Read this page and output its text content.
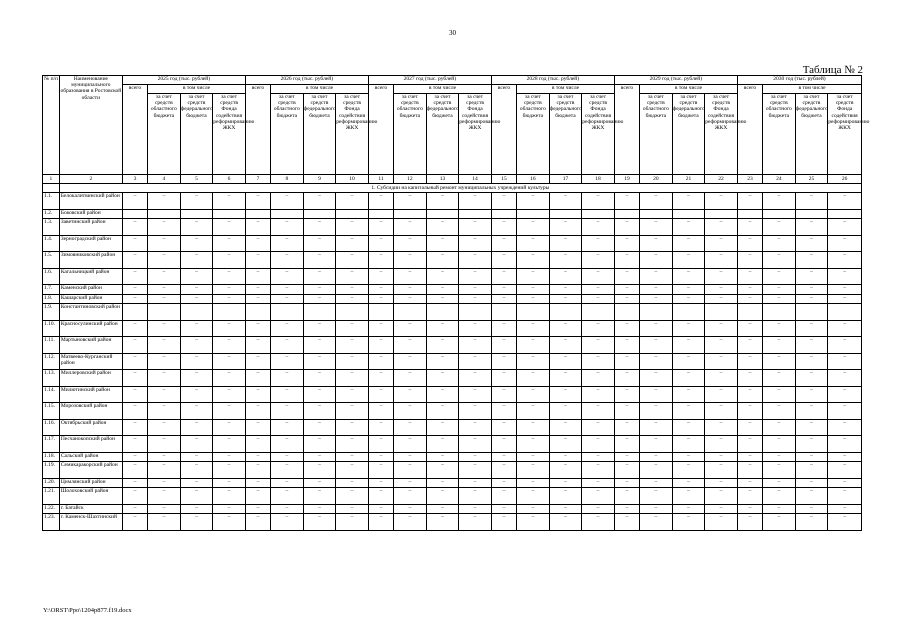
30
Таблица № 2
№ п/п	Наименование муниципального образования в Ростовской области	2025 год (тыс. рублей)				2026 год (тыс. рублей)				2027 год (тыс. рублей)				2028 год (тыс. рублей)				2029 год (тыс. рублей)				2030 год (тыс. рублей)			
		всего	в том числе			всего	в том числе			всего	в том числе			всего	в том числе			всего	в том числе			всего	в том числе		
			за счет средств областного бюджета	за счет средств федерального бюджета	за счет средств Фонда содействия реформированию ЖКХ		за счет средств областного бюджета	за счет средств федерального бюджета	за счет средств Фонда содействия реформированию ЖКХ		за счет средств областного бюджета	за счет средств федерального бюджета	за счет средств Фонда содействия реформированию ЖКХ		за счет средств областного бюджета	за счет средств федерального бюджета	за счет средств Фонда содействия реформированию ЖКХ		за счет средств областного бюджета	за счет средств федерального бюджета	за счет средств Фонда содействия реформированию ЖКХ		за счет средств областного бюджета	за счет средств федерального бюджета	за счет средств Фонда содействия реформированию ЖКХ
1	2	3	4	5	6	7	8	9	10	11	12	13	14	15	16	17	18	19	20	21	22	23	24	25	26
	1. Субсидии на капитальный ремонт муниципальных учреждений культуры																								
1.1.	Белокалитвинский район	–	–	–	–	–	–	–	–	–	–	–	–	–	–	–	–	–	–	–	–	–	–	–	–
1.2.	Боковский район																								
1.3.	Заветинский район	–	–	–	–	–	–	–	–	–	–	–	–	–	–	–	–	–	–	–	–	–	–	–	–
1.4.	Зерноградский район	–	–	–	–	–	–	–	–	–	–	–	–	–	–	–	–	–	–	–	–	–	–	–	–
1.5.	Зимовниковский район	–	–	–	–	–	–	–	–	–	–	–	–	–	–	–	–	–	–	–	–	–	–	–	–
1.6.	Кагальницкий район	–	–	–	–	–	–	–	–	–	–	–	–	–	–	–	–	–	–	–	–	–	–	–	–
1.7.	Каменский район	–	–	–	–	–	–	–	–	–	–	–	–	–	–	–	–	–	–	–	–	–	–	–	–
1.8.	Кашарский район	–	–	–	–	–	–	–	–	–	–	–	–	–	–	–	–	–	–	–	–	–	–	–	–
1.9.	Константиновский район																								
1.10.	Красносулинский район	–	–	–	–	–	–	–	–	–	–	–	–	–	–	–	–	–	–	–	–	–	–	–	–
1.11.	Мартыновский район	–	–	–	–	–	–	–	–	–	–	–	–	–	–	–	–	–	–	–	–	–	–	–	–
1.12.	Матвеево-Курганский район	–	–	–	–	–	–	–	–	–	–	–	–	–	–	–	–	–	–	–	–	–	–	–	–
1.13.	Миллеровский район	–	–	–	–	–	–	–	–	–	–	–	–	–	–	–	–	–	–	–	–	–	–	–	–
1.14.	Милютинский район	–	–	–	–	–	–	–	–	–	–	–	–	–	–	–	–	–	–	–	–	–	–	–	–
1.15.	Морозовский район	–	–	–	–	–	–	–	–	–	–	–	–	–	–	–	–	–	–	–	–	–	–	–	–
1.16.	Октябрьский район	–	–	–	–	–	–	–	–	–	–	–	–	–	–	–	–	–	–	–	–	–	–	–	–
1.17.	Песчанокопский район	–	–	–	–	–	–	–	–	–	–	–	–	–	–	–	–	–	–	–	–	–	–	–	–
1.18.	Сальский район	–	–	–	–	–	–	–	–	–	–	–	–	–	–	–	–	–	–	–	–	–	–	–	–
1.19.	Семикаракорский район	–	–	–	–	–	–	–	–	–	–	–	–	–	–	–	–	–	–	–	–	–	–	–	–
1.20.	Цимлянский район	–	–	–	–	–	–	–	–	–	–	–	–	–	–	–	–	–	–	–	–	–	–	–	–
1.21.	Шолоховский район	–	–	–	–	–	–	–	–	–	–	–	–	–	–	–	–	–	–	–	–	–	–	–	–
1.22.	г. Батайск	–	–	–	–	–	–	–	–	–	–	–	–	–	–	–	–	–	–	–	–	–	–	–	–
1.23.	г. Каменск-Шахтинский	–	–	–	–	–	–	–	–	–	–	–	–	–	–	–	–	–	–	–	–	–	–	–	–
Y:\ORST\Ppo\1204p877.f19.docx
